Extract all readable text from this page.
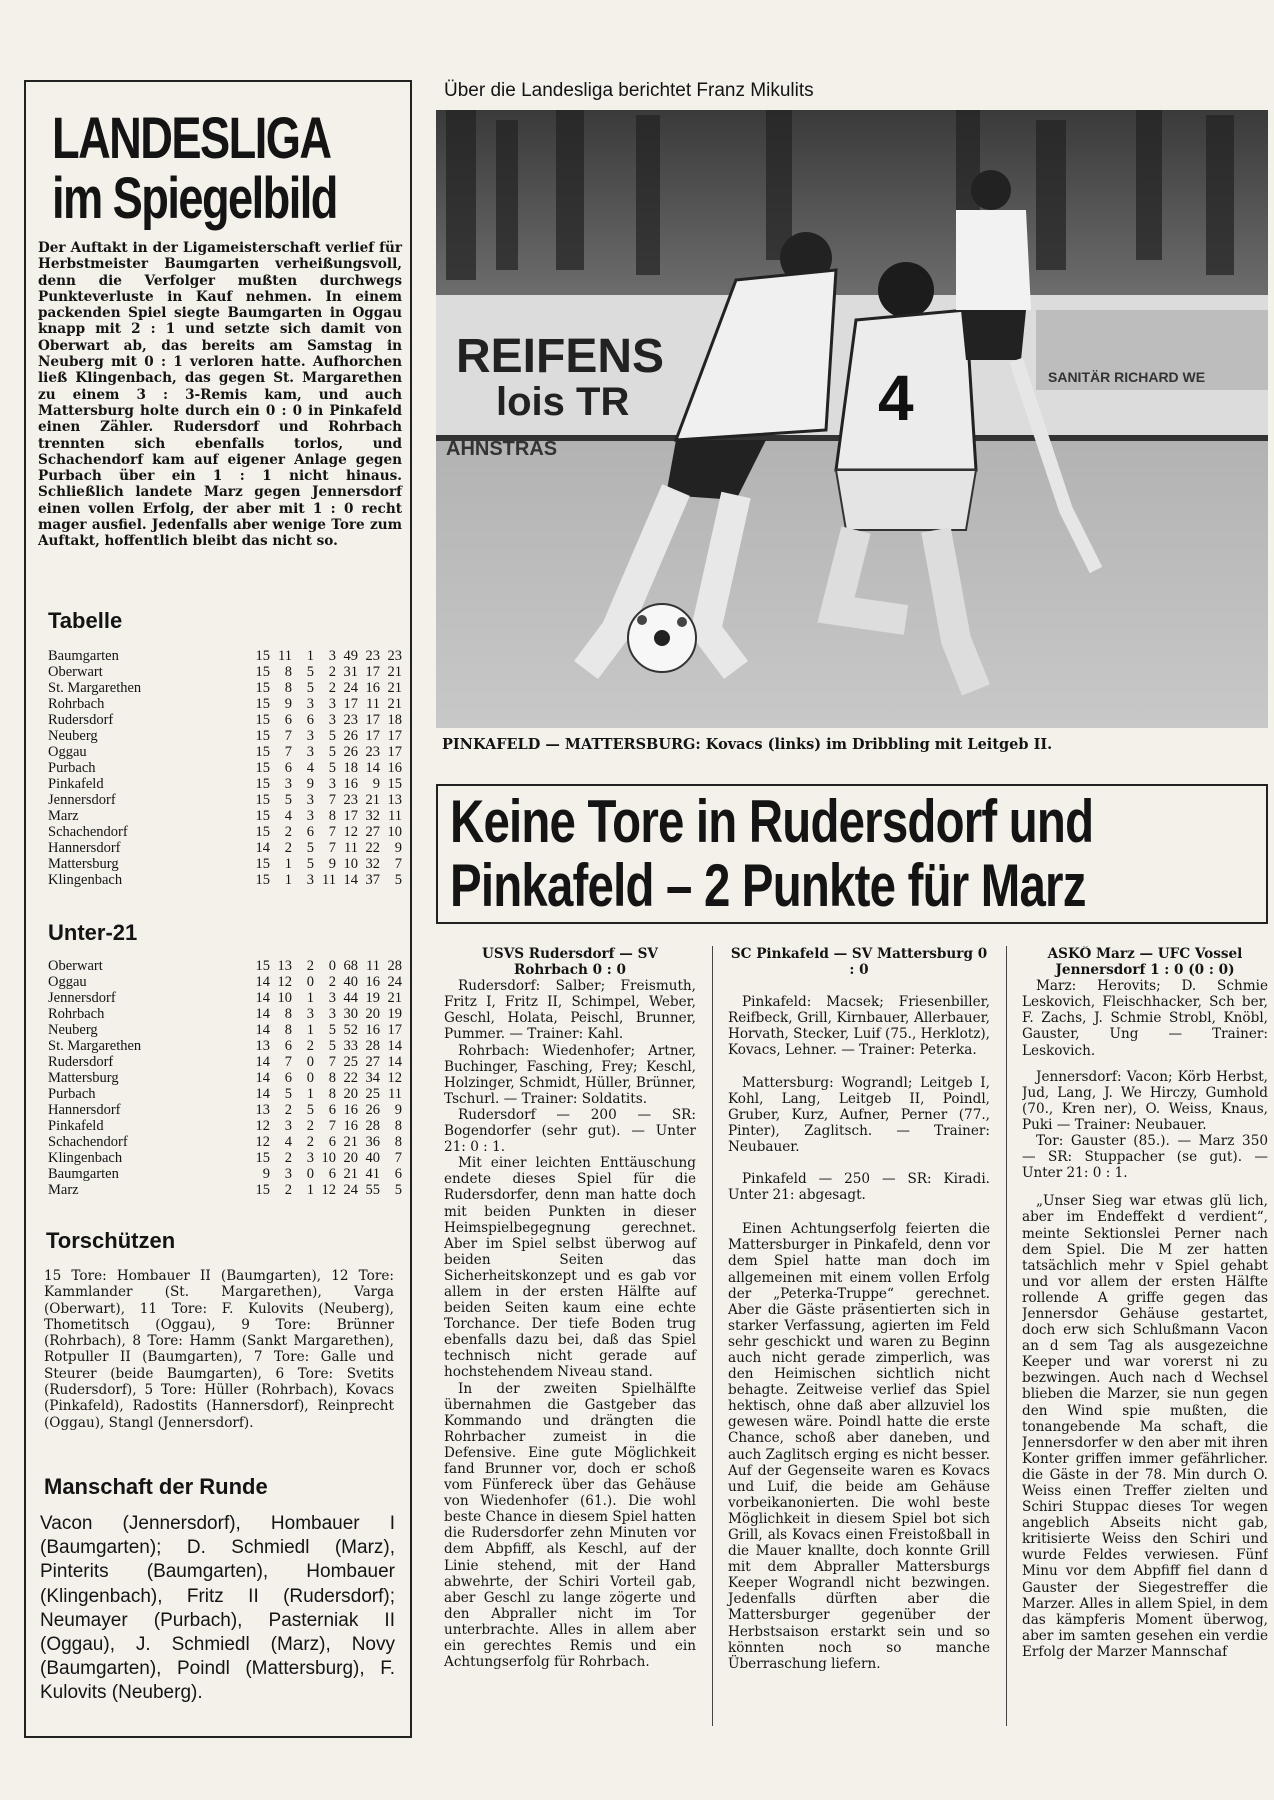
LANDESLIGA
im Spiegelbild
Der Auftakt in der Ligameisterschaft verlief für Herbstmeister Baumgarten verheißungsvoll, denn die Verfolger mußten durchwegs Punkteverluste in Kauf nehmen. In einem packenden Spiel siegte Baumgarten in Oggau knapp mit 2 : 1 und setzte sich damit von Oberwart ab, das bereits am Samstag in Neuberg mit 0 : 1 verloren hatte. Aufhorchen ließ Klingenbach, das gegen St. Margarethen zu einem 3 : 3-Remis kam, und auch Mattersburg holte durch ein 0 : 0 in Pinkafeld einen Zähler. Rudersdorf und Rohrbach trennten sich ebenfalls torlos, und Schachendorf kam auf eigener Anlage gegen Purbach über ein 1 : 1 nicht hinaus. Schließlich landete Marz gegen Jennersdorf einen vollen Erfolg, der aber mit 1 : 0 recht mager ausfiel. Jedenfalls aber wenige Tore zum Auftakt, hoffentlich bleibt das nicht so.
Tabelle
Baumgarten	15	11	1	3	49	23	23
Oberwart	15	8	5	2	31	17	21
St. Margarethen	15	8	5	2	24	16	21
Rohrbach	15	9	3	3	17	11	21
Rudersdorf	15	6	6	3	23	17	18
Neuberg	15	7	3	5	26	17	17
Oggau	15	7	3	5	26	23	17
Purbach	15	6	4	5	18	14	16
Pinkafeld	15	3	9	3	16	9	15
Jennersdorf	15	5	3	7	23	21	13
Marz	15	4	3	8	17	32	11
Schachendorf	15	2	6	7	12	27	10
Hannersdorf	14	2	5	7	11	22	9
Mattersburg	15	1	5	9	10	32	7
Klingenbach	15	1	3	11	14	37	5
Unter-21
Oberwart	15	13	2	0	68	11	28
Oggau	14	12	0	2	40	16	24
Jennersdorf	14	10	1	3	44	19	21
Rohrbach	14	8	3	3	30	20	19
Neuberg	14	8	1	5	52	16	17
St. Margarethen	13	6	2	5	33	28	14
Rudersdorf	14	7	0	7	25	27	14
Mattersburg	14	6	0	8	22	34	12
Purbach	14	5	1	8	20	25	11
Hannersdorf	13	2	5	6	16	26	9
Pinkafeld	12	3	2	7	16	28	8
Schachendorf	12	4	2	6	21	36	8
Klingenbach	15	2	3	10	20	40	7
Baumgarten	9	3	0	6	21	41	6
Marz	15	2	1	12	24	55	5
Torschützen
15 Tore: Hombauer II (Baumgarten), 12 Tore: Kammlander (St. Margarethen), Varga (Oberwart), 11 Tore: F. Kulovits (Neuberg), Thometitsch (Oggau), 9 Tore: Brünner (Rohrbach), 8 Tore: Hamm (Sankt Margarethen), Rotpuller II (Baumgarten), 7 Tore: Galle und Steurer (beide Baumgarten), 6 Tore: Svetits (Rudersdorf), 5 Tore: Hüller (Rohrbach), Kovacs (Pinkafeld), Radostits (Hannersdorf), Reinprecht (Oggau), Stangl (Jennersdorf).
Manschaft der Runde
Vacon (Jennersdorf), Hombauer I (Baumgarten); D. Schmiedl (Marz), Pinterits (Baumgarten), Hombauer (Klingenbach), Fritz II (Rudersdorf); Neumayer (Purbach), Pasterniak II (Oggau), J. Schmiedl (Marz), Novy (Baumgarten), Poindl (Mattersburg), F. Kulovits (Neuberg).
Über die Landesliga berichtet Franz Mikulits
REIFENS
lois TR
AHNSTRAS
SANITÄR RICHARD WE
4
PINKAFELD — MATTERSBURG: Kovacs (links) im Dribbling mit Leitgeb II.
Keine Tore in Rudersdorf und
Pinkafeld – 2 Punkte für Marz

USVS Rudersdorf — SV Rohrbach 0 : 0

Rudersdorf: Salber; Freismuth, Fritz I, Fritz II, Schimpel, Weber, Geschl, Holata, Peischl, Brunner, Pummer. — Trainer: Kahl.

Rohrbach: Wiedenhofer; Artner, Buchinger, Fasching, Frey; Keschl, Holzinger, Schmidt, Hüller, Brünner, Tschurl. — Trainer: Soldatits.

Rudersdorf — 200 — SR: Bogendorfer (sehr gut). — Unter 21: 0 : 1.

Mit einer leichten Enttäuschung endete dieses Spiel für die Rudersdorfer, denn man hatte doch mit beiden Punkten in dieser Heimspielbegegnung gerechnet. Aber im Spiel selbst überwog auf beiden Seiten das Sicherheitskonzept und es gab vor allem in der ersten Hälfte auf beiden Seiten kaum eine echte Torchance. Der tiefe Boden trug ebenfalls dazu bei, daß das Spiel technisch nicht gerade auf hochstehendem Niveau stand.

In der zweiten Spielhälfte übernahmen die Gastgeber das Kommando und drängten die Rohrbacher zumeist in die Defensive. Eine gute Möglichkeit fand Brunner vor, doch er schoß vom Fünfereck über das Gehäuse von Wiedenhofer (61.). Die wohl beste Chance in diesem Spiel hatten die Rudersdorfer zehn Minuten vor dem Abpfiff, als Keschl, auf der Linie stehend, mit der Hand abwehrte, der Schiri Vorteil gab, aber Geschl zu lange zögerte und den Abpraller nicht im Tor unterbrachte. Alles in allem aber ein gerechtes Remis und ein Achtungserfolg für Rohrbach.

SC Pinkafeld — SV Mattersburg 0 : 0

Pinkafeld: Macsek; Friesenbiller, Reifbeck, Grill, Kirnbauer, Allerbauer, Horvath, Stecker, Luif (75., Herklotz), Kovacs, Lehner. — Trainer: Peterka.

Mattersburg: Wograndl; Leitgeb I, Kohl, Lang, Leitgeb II, Poindl, Gruber, Kurz, Aufner, Perner (77., Pinter), Zaglitsch. — Trainer: Neubauer.

Pinkafeld — 250 — SR: Kiradi. Unter 21: abgesagt.

Einen Achtungserfolg feierten die Mattersburger in Pinkafeld, denn vor dem Spiel hatte man doch im allgemeinen mit einem vollen Erfolg der „Peterka-Truppe“ gerechnet. Aber die Gäste präsentierten sich in starker Verfassung, agierten im Feld sehr geschickt und waren zu Beginn auch nicht gerade zimperlich, was den Heimischen sichtlich nicht behagte. Zeitweise verlief das Spiel hektisch, ohne daß aber allzuviel los gewesen wäre. Poindl hatte die erste Chance, schoß aber daneben, und auch Zaglitsch erging es nicht besser. Auf der Gegenseite waren es Kovacs und Luif, die beide am Gehäuse vorbeikanonierten. Die wohl beste Möglichkeit in diesem Spiel bot sich Grill, als Kovacs einen Freistoßball in die Mauer knallte, doch konnte Grill mit dem Abpraller Mattersburgs Keeper Wograndl nicht bezwingen. Jedenfalls dürften aber die Mattersburger gegenüber der Herbstsaison erstarkt sein und so könnten noch so manche Überraschung liefern.

ASKÖ Marz — UFC Vossel Jennersdorf 1 : 0 (0 : 0)

Marz: Herovits; D. Schmie Leskovich, Fleischhacker, Sch ber, F. Zachs, J. Schmie Strobl, Knöbl, Gauster, Ung — Trainer: Leskovich.

Jennersdorf: Vacon; Körb Herbst, Jud, Lang, J. We Hirczy, Gumhold (70., Kren ner), O. Weiss, Knaus, Puki — Trainer: Neubauer.

Tor: Gauster (85.). — Marz 350 — SR: Stuppacher (se gut). — Unter 21: 0 : 1.

„Unser Sieg war etwas glü lich, aber im Endeffekt d verdient“, meinte Sektionslei Perner nach dem Spiel. Die M zer hatten tatsächlich mehr v Spiel gehabt und vor allem der ersten Hälfte rollende A griffe gegen das Jennersdor Gehäuse gestartet, doch erw sich Schlußmann Vacon an d sem Tag als ausgezeichne Keeper und war vorerst ni zu bezwingen. Auch nach d Wechsel blieben die Marzer, sie nun gegen den Wind spie mußten, die tonangebende Ma schaft, die Jennersdorfer w den aber mit ihren Konter griffen immer gefährlicher. die Gäste in der 78. Min durch O. Weiss einen Treffer zielten und Schiri Stuppac dieses Tor wegen angeblich Abseits nicht gab, kritisierte Weiss den Schiri und wurde Feldes verwiesen. Fünf Minu vor dem Abpfiff fiel dann d Gauster der Siegestreffer die Marzer. Alles in allem Spiel, in dem das kämpferis Moment überwog, aber im samten gesehen ein verdie Erfolg der Marzer Mannschaf
